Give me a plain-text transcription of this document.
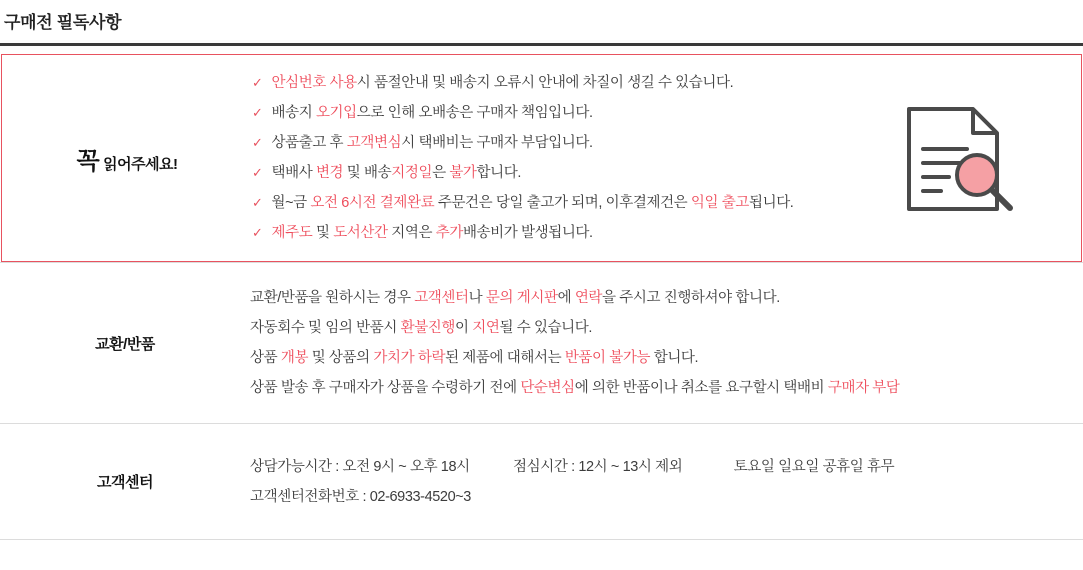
구매전 필독사항
꼭 읽어주세요!
✓ 안심번호 사용시 품절안내 및 배송지 오류시 안내에 차질이 생길 수 있습니다.
✓ 배송지 오기입으로 인해 오배송은 구매자 책임입니다.
✓ 상품출고 후 고객변심시 택배비는 구매자 부담입니다.
✓ 택배사 변경 및 배송지정일은 불가합니다.
✓ 월~금 오전 6시전 결제완료 주문건은 당일 출고가 되며, 이후결제건은 익일 출고됩니다.
✓ 제주도 및 도서산간 지역은 추가배송비가 발생됩니다.
교환/반품
교환/반품을 원하시는 경우 고객센터나 문의 게시판에 연락을 주시고 진행하셔야 합니다.
자동회수 및 임의 반품시 환불진행이 지연될 수 있습니다.
상품 개봉 및 상품의 가치가 하락된 제품에 대해서는 반품이 불가능 합니다.
상품 발송 후 구매자가 상품을 수령하기 전에 단순변심에 의한 반품이나 취소를 요구할시 택배비 구매자 부담
고객센터
상담가능시간 : 오전 9시 ~ 오후 18시	점심시간 : 12시 ~ 13시 제외	토요일 일요일 공휴일 휴무
고객센터전화번호 : 02-6933-4520~3
